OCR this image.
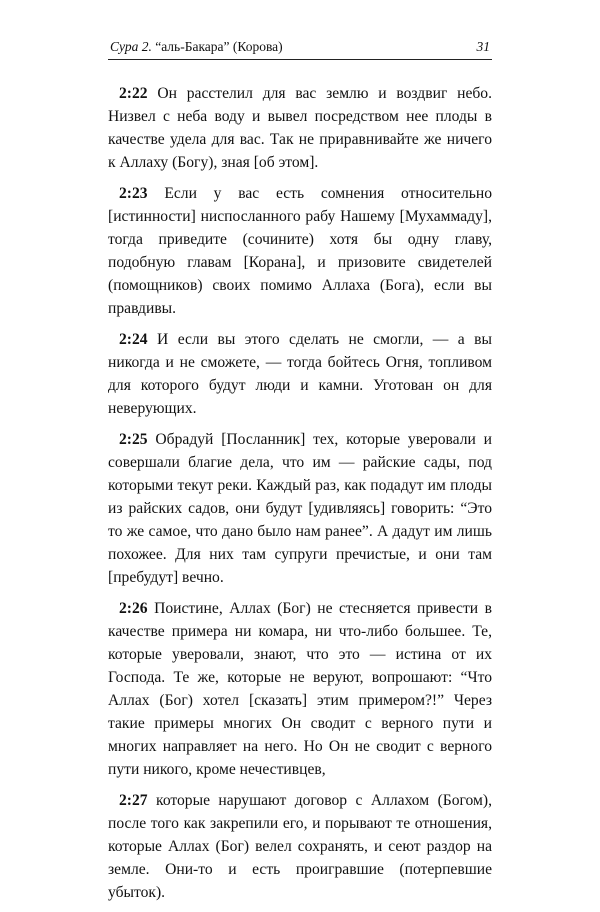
Сура 2. “аль-Бакара” (Корова)	31

2:22 Он расстелил для вас землю и воздвиг небо. Низвел с неба воду и вывел посредством нее плоды в качестве удела для вас. Так не приравнивайте же ничего к Аллаху (Богу), зная [об этом].

2:23 Если у вас есть сомнения относительно [истинности] ниспосланного рабу Нашему [Мухаммаду], тогда приведите (сочините) хотя бы одну главу, подобную главам [Корана], и призовите свидетелей (помощников) своих помимо Аллаха (Бога), если вы правдивы.

2:24 И если вы этого сделать не смогли, — а вы никогда и не сможете, — тогда бойтесь Огня, топливом для которого будут люди и камни. Уготован он для неверующих.

2:25 Обрадуй [Посланник] тех, которые уверовали и совершали благие дела, что им — райские сады, под которыми текут реки. Каждый раз, как подадут им плоды из райских садов, они будут [удивляясь] говорить: “Это то же самое, что дано было нам ранее”. А дадут им лишь похожее. Для них там супруги пречистые, и они там [пребудут] вечно.

2:26 Поистине, Аллах (Бог) не стесняется привести в качестве примера ни комара, ни что-либо большее. Те, которые уверовали, знают, что это — истина от их Господа. Те же, которые не веруют, вопрошают: “Что Аллах (Бог) хотел [сказать] этим примером?!” Через такие примеры многих Он сводит с верного пути и многих направляет на него. Но Он не сводит с верного пути никого, кроме нечестивцев,

2:27 которые нарушают договор с Аллахом (Богом), после того как закрепили его, и порывают те отношения, которые Аллах (Бог) велел сохранять, и сеют раздор на земле. Они-то и есть проигравшие (потерпевшие убыток).
